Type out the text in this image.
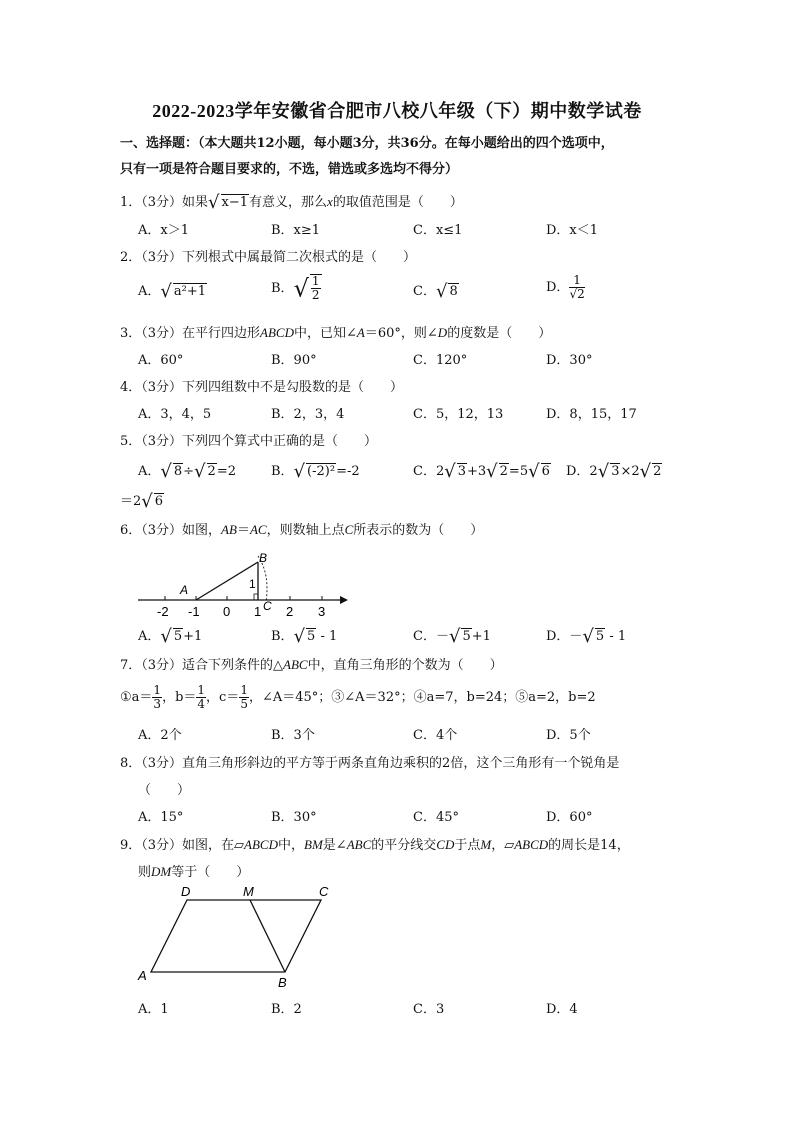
2022-2023学年安徽省合肥市八校八年级（下）期中数学试卷
一、选择题：（本大题共12小题，每小题3分，共36分。在每小题给出的四个选项中，
只有一项是符合题目要求的，不选，错选或多选均不得分）
1．（3分）如果√ x−1有意义，那么x的取值范围是（　　）
A．x＞1	B．x≥1	C．x≤1	D．x＜1
2．（3分）下列根式中属最简二次根式的是（　　）
A．√ a²+1	B．√ $\frac{1}{2}$	C．√ 8	D． $\frac{1}{√2}$
3．（3分）在平行四边形ABCD中，已知∠A＝60°，则∠D的度数是（　　）
A．60°	B．90°	C．120°	D．30°
4．（3分）下列四组数中不是勾股数的是（　　）
A．3，4，5	B．2，3，4	C．5，12，13	D．8，15，17
5．（3分）下列四个算式中正确的是（　　）
A．√ 8÷√ 2=2	B．√ (-2)²=-2	C．2√ 3+3√ 2=5√ 6 D．2√ 3×2√ 2
＝2√ 6
6．（3分）如图，AB＝AC，则数轴上点C所表示的数为（　　）
-2 -1 0 1 2 3
A
B
C
1
A．√ 5+1	B．√ 5 - 1	C．－√ 5+1	D．－√ 5 - 1
7．（3分）适合下列条件的△ABC中，直角三角形的个数为（　　）
①a＝ $\frac{1}{3}$ ，$b= \frac{1}{4}$ ，$c= \frac{1}{5}$ ，∠A＝45°；③∠A＝32°；④a=7，b=24；⑤a=2，b=2
A．2个	B．3个	C．4个	D．5个
8．（3分）直角三角形斜边的平方等于两条直角边乘积的2倍，这个三角形有一个锐角是
（　　）
A．15°	B．30°	C．45°	D．60°
9．（3分）如图，在▱ABCD中，BM是∠ABC的平分线交CD于点M，▱ABCD的周长是14，
则DM等于（　　）
D	M	C
A	B
A．1	B．2	C．3	D．4
